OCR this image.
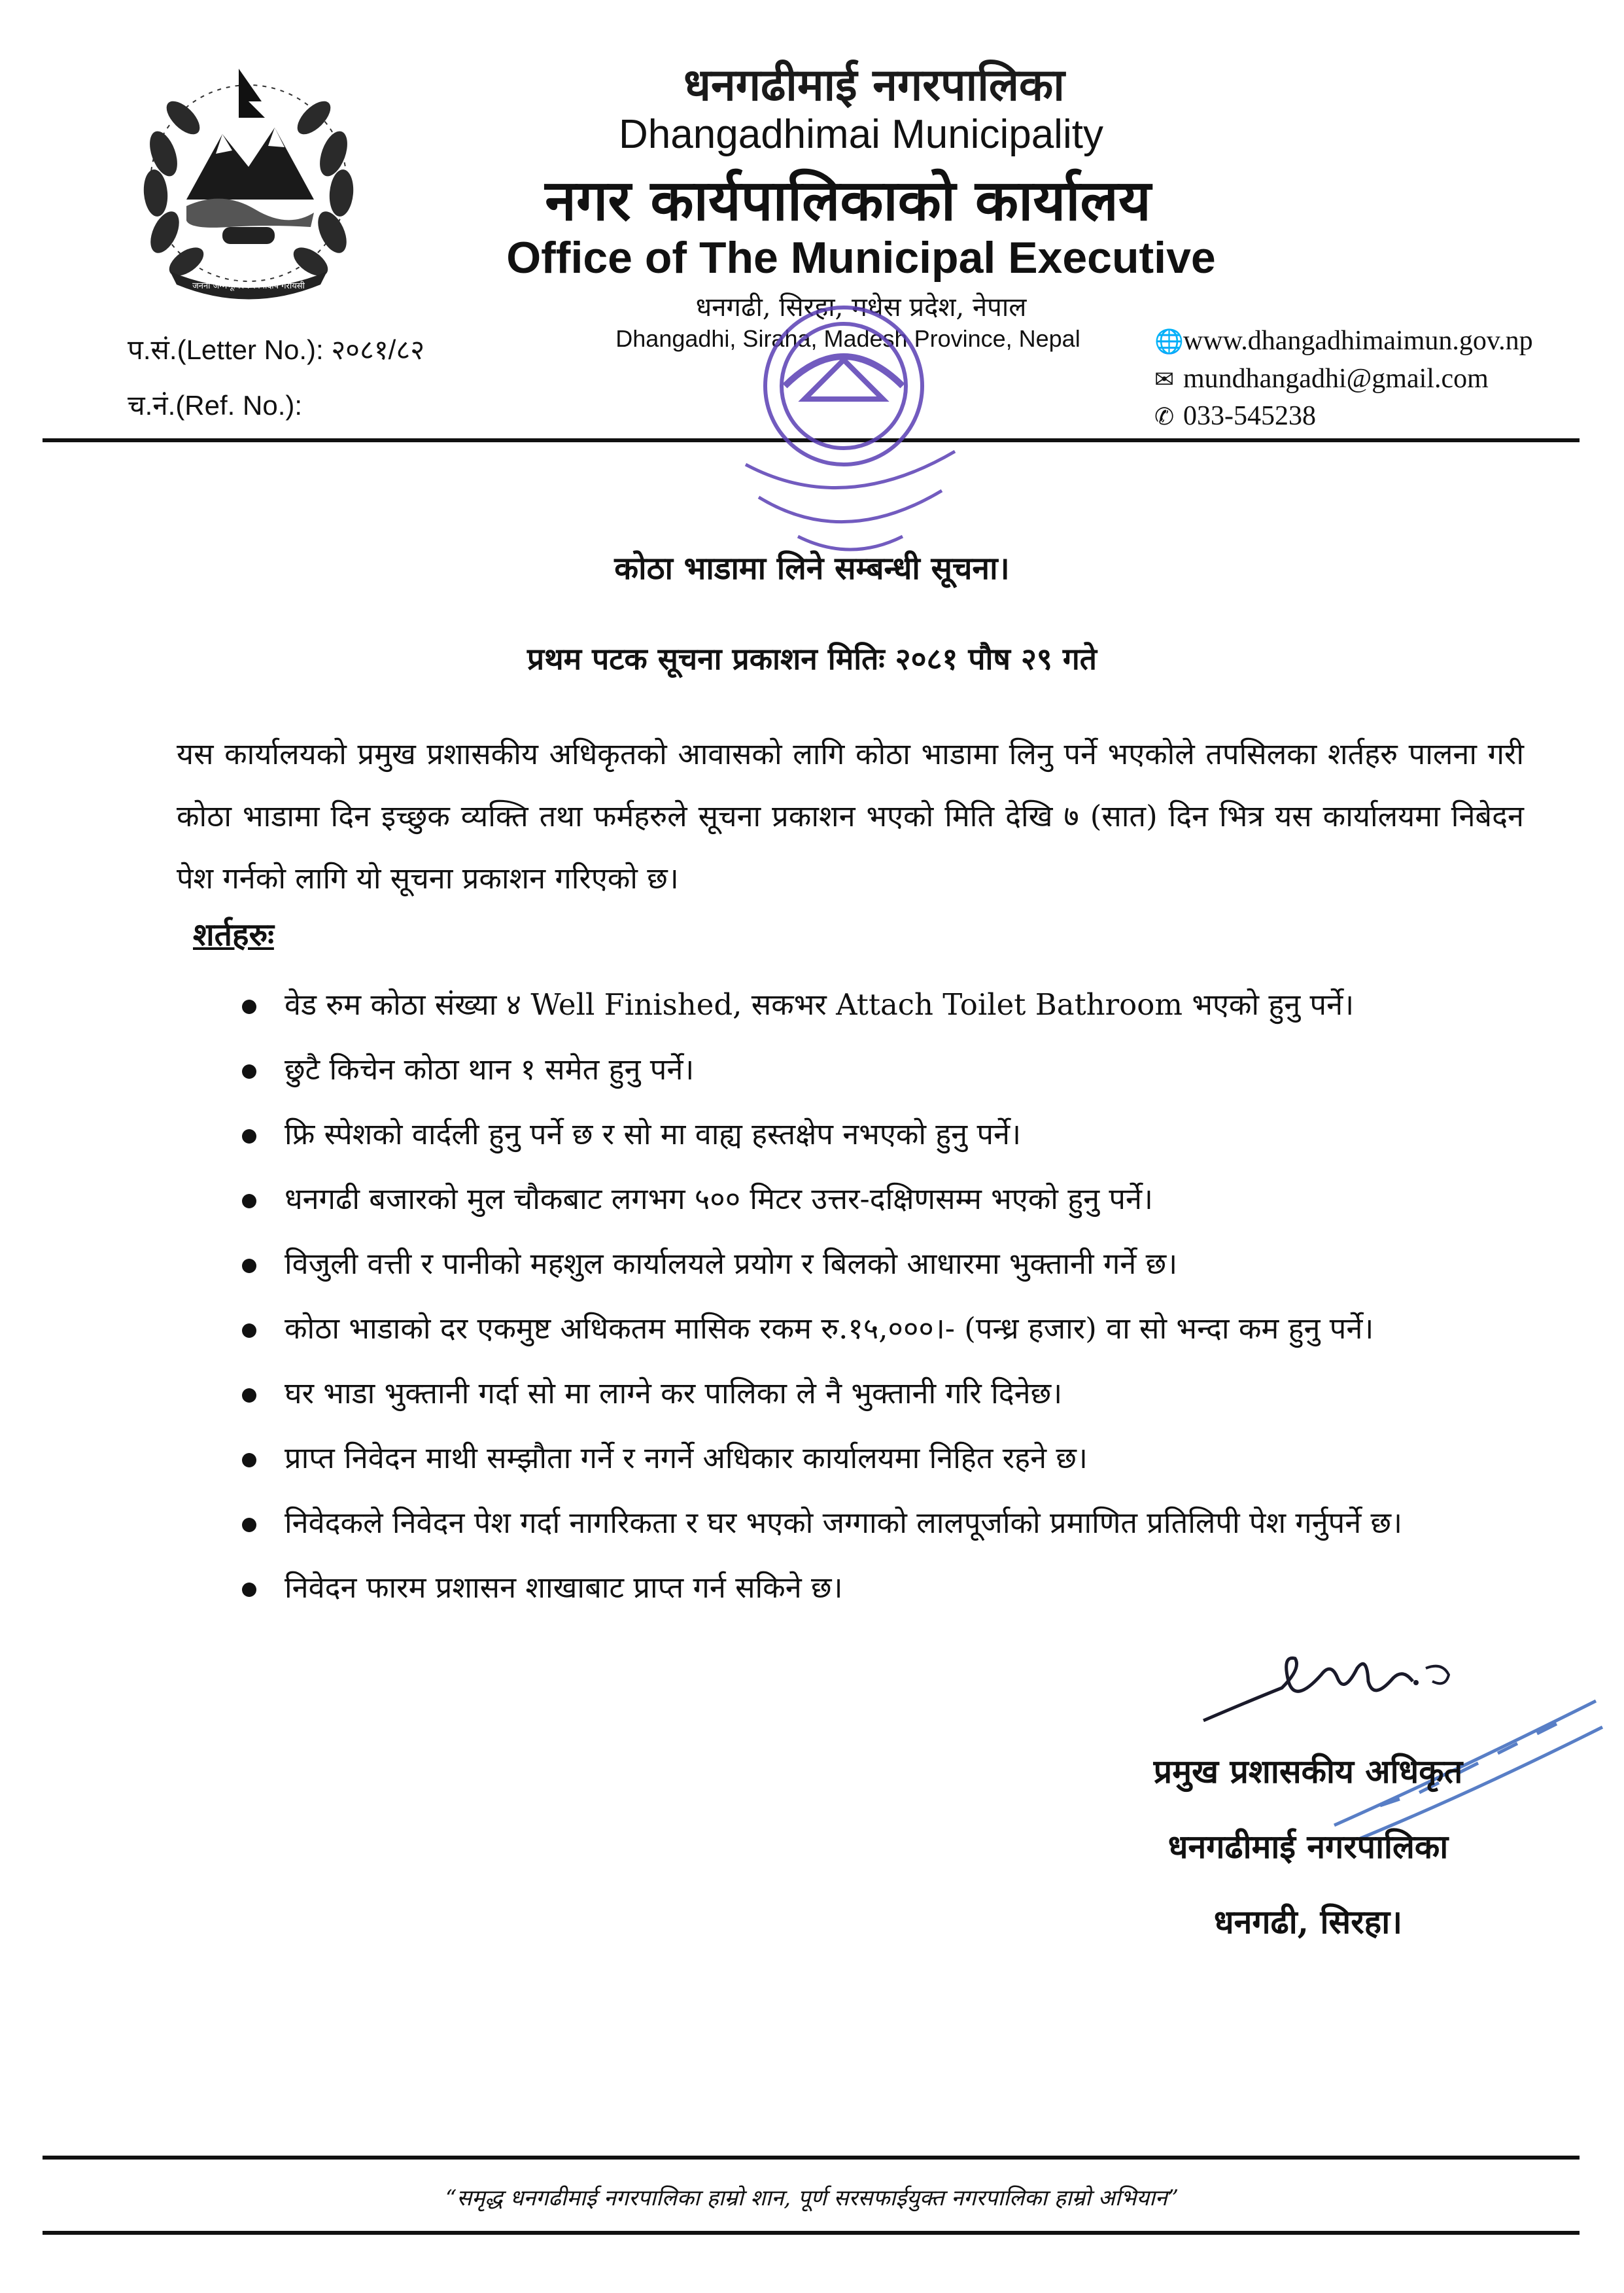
जननी जन्मभूमिश्च स्वर्गादपि गरीयसी
धनगढीमाई नगरपालिका
Dhangadhimai Municipality
नगर कार्यपालिकाको कार्यालय
Office of The Municipal Executive
धनगढी, सिरहा, मधेस प्रदेश, नेपाल
Dhangadhi, Siraha, Madesh Province, Nepal
प.सं.(Letter No.): २०८१/८२
च.नं.(Ref. No.):
🌐www.dhangadhimaimun.gov.np
✉ mundhangadhi@gmail.com
✆ 033-545238
कोठा भाडामा लिने सम्बन्धी सूचना।
प्रथम पटक सूचना प्रकाशन मितिः २०८१ पौष २९ गते
यस कार्यालयको प्रमुख प्रशासकीय अधिकृतको आवासको लागि कोठा भाडामा लिनु पर्ने भएकोले तपसिलका शर्तहरु पालना गरी कोठा भाडामा दिन इच्छुक व्यक्ति तथा फर्महरुले सूचना प्रकाशन भएको मिति देखि ७ (सात) दिन भित्र यस कार्यालयमा निबेदन पेश गर्नको लागि यो सूचना प्रकाशन गरिएको छ।
शर्तहरुः
वेड रुम कोठा संख्या ४ Well Finished, सकभर Attach Toilet Bathroom भएको हुनु पर्ने।
छुटै किचेन कोठा थान १ समेत हुनु पर्ने।
फ्रि स्पेशको वार्दली हुनु पर्ने छ र सो मा वाह्य हस्तक्षेप नभएको हुनु पर्ने।
धनगढी बजारको मुल चौकबाट लगभग ५०० मिटर उत्तर-दक्षिणसम्म भएको हुनु पर्ने।
विजुली वत्ती र पानीको महशुल कार्यालयले प्रयोग र बिलको आधारमा भुक्तानी गर्ने छ।
कोठा भाडाको दर एकमुष्ट अधिकतम मासिक रकम रु.१५,०००।- (पन्ध्र हजार) वा सो भन्दा कम हुनु पर्ने।
घर भाडा भुक्तानी गर्दा सो मा लाग्ने कर पालिका ले नै भुक्तानी गरि दिनेछ।
प्राप्त निवेदन माथी सम्झौता गर्ने र नगर्ने अधिकार कार्यालयमा निहित रहने छ।
निवेदकले निवेदन पेश गर्दा नागरिकता र घर भएको जग्गाको लालपूर्जाको प्रमाणित प्रतिलिपी पेश गर्नुपर्ने छ।
निवेदन फारम प्रशासन शाखाबाट प्राप्त गर्न सकिने छ।
प्रमुख प्रशासकीय अधिकृत
धनगढीमाई नगरपालिका
धनगढी, सिरहा।
“समृद्ध धनगढीमाई नगरपालिका हाम्रो शान, पूर्ण सरसफाईयुक्त नगरपालिका हाम्रो अभियान”
